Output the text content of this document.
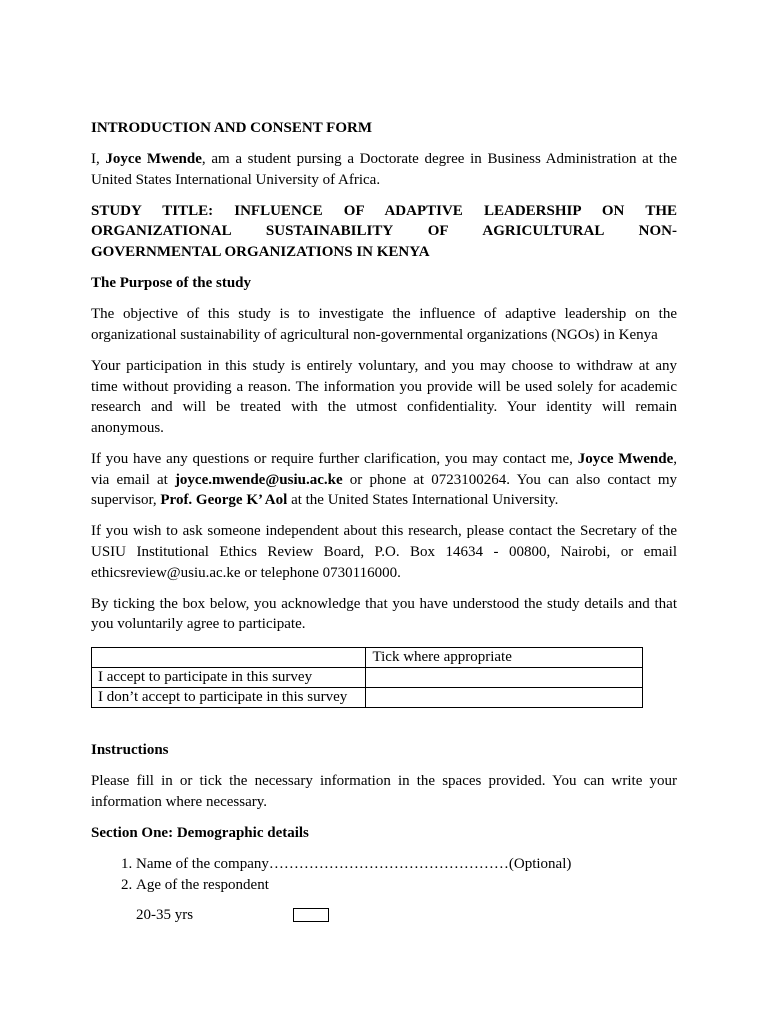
INTRODUCTION AND CONSENT FORM

I, Joyce Mwende, am a student pursing a Doctorate degree in Business Administration at the United States International University of Africa.

STUDY TITLE: INFLUENCE OF ADAPTIVE LEADERSHIP ON THE
ORGANIZATIONAL SUSTAINABILITY OF AGRICULTURAL NON-
GOVERNMENTAL ORGANIZATIONS IN KENYA

The Purpose of the study

The objective of this study is to investigate the influence of adaptive leadership on the organizational sustainability of agricultural non-governmental organizations (NGOs) in Kenya

Your participation in this study is entirely voluntary, and you may choose to withdraw at any time without providing a reason. The information you provide will be used solely for academic research and will be treated with the utmost confidentiality. Your identity will remain anonymous.

If you have any questions or require further clarification, you may contact me, Joyce Mwende, via email at joyce.mwende@usiu.ac.ke or phone at 0723100264. You can also contact my supervisor, Prof. George K’ Aol at the United States International University.

If you wish to ask someone independent about this research, please contact the Secretary of the USIU Institutional Ethics Review Board, P.O. Box 14634 - 00800, Nairobi, or email ethicsreview@usiu.ac.ke or telephone 0730116000.

By ticking the box below, you acknowledge that you have understood the study details and that you voluntarily agree to participate.

	Tick where appropriate
I accept to participate in this survey	
I don’t accept to participate in this survey	

Instructions

Please fill in or tick the necessary information in the spaces provided. You can write your information where necessary.

Section One: Demographic details

1. Name of the company…………………………………………(Optional)
2. Age of the respondent
20-35 yrs
